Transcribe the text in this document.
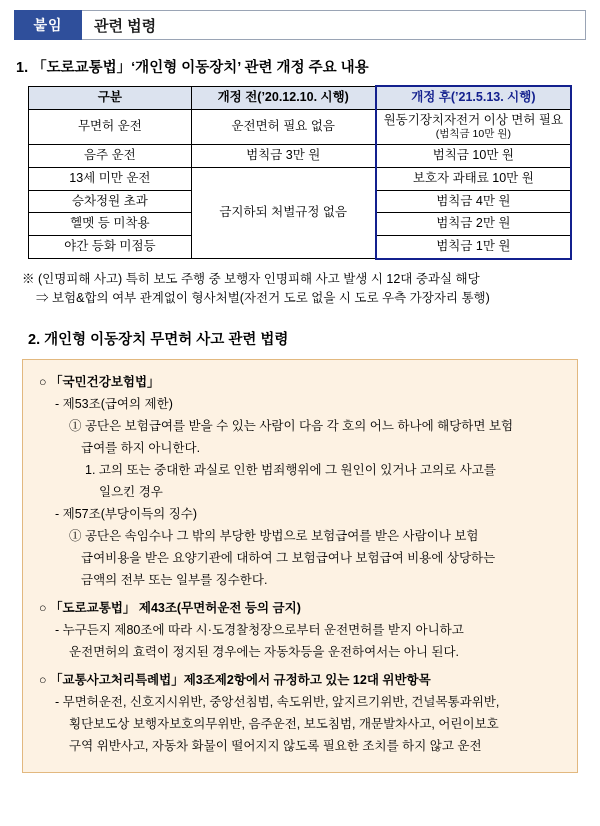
붙임	관련 법령
1. 「도로교통법」‘개인형 이동장치’ 관련 개정 주요 내용
구분	개정 전(’20.12.10. 시행)	개정 후(’21.5.13. 시행)
무면허 운전	운전면허 필요 없음	원동기장치자전거 이상 면허 필요
(범칙금 10만 원)

음주 운전	범칙금 3만 원	범칙금 10만 원
13세 미만 운전	금지하되 처벌규정 없음	보호자 과태료 10만 원
승차정원 초과		범칙금 4만 원
헬멧 등 미착용		범칙금 2만 원
야간 등화 미점등		범칙금 1만 원
※ (인명피해 사고) 특히 보도 주행 중 보행자 인명피해 사고 발생 시 12대 중과실 해당
⇒ 보험&합의 여부 관계없이 형사처벌(자전거 도로 없을 시 도로 우측 가장자리 통행)
2. 개인형 이동장치 무면허 사고 관련 법령
○ 「국민건강보험법」
- 제53조(급여의 제한)
① 공단은 보험급여를 받을 수 있는 사람이 다음 각 호의 어느 하나에 해당하면 보험
급여를 하지 아니한다.
1. 고의 또는 중대한 과실로 인한 범죄행위에 그 원인이 있거나 고의로 사고를
일으킨 경우
- 제57조(부당이득의 징수)
① 공단은 속임수나 그 밖의 부당한 방법으로 보험급여를 받은 사람이나 보험
급여비용을 받은 요양기관에 대하여 그 보험급여나 보험급여 비용에 상당하는
금액의 전부 또는 일부를 징수한다.
○ 「도로교통법」 제43조(무면허운전 등의 금지)
- 누구든지 제80조에 따라 시·도경찰청장으로부터 운전면허를 받지 아니하고
운전면허의 효력이 정지된 경우에는 자동차등을 운전하여서는 아니 된다.
○ 「교통사고처리특례법」제3조제2항에서 규정하고 있는 12대 위반항목
- 무면허운전, 신호지시위반, 중앙선침범, 속도위반, 앞지르기위반, 건널목통과위반,
횡단보도상 보행자보호의무위반, 음주운전, 보도침범, 개문발차사고, 어린이보호
구역 위반사고, 자동차 화물이 떨어지지 않도록 필요한 조치를 하지 않고 운전
